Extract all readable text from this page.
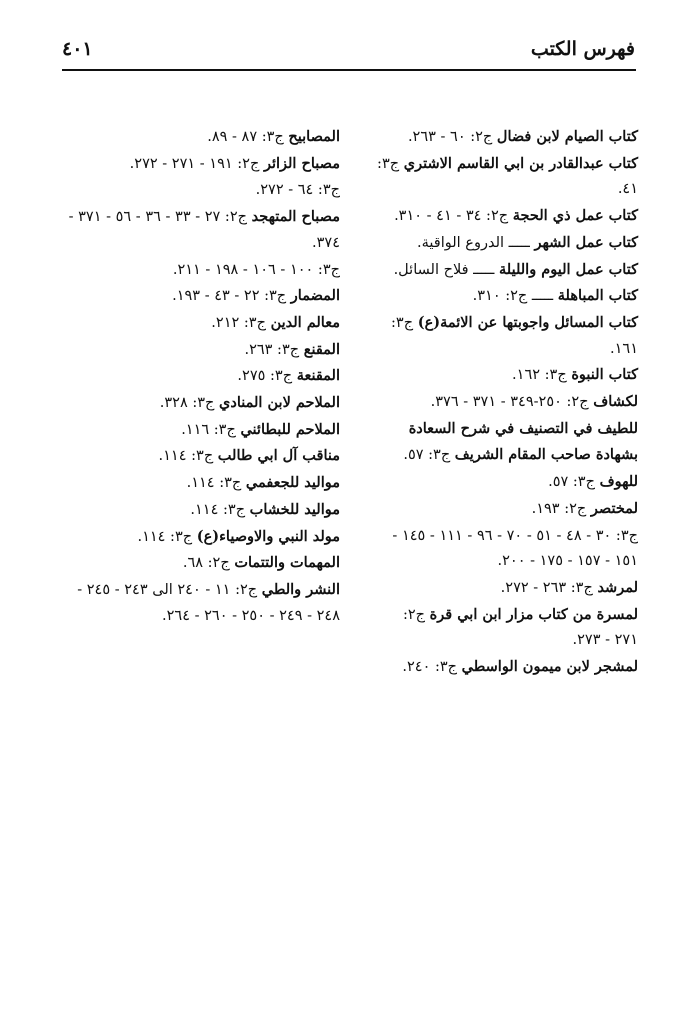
فهرس الكتب
٤٠١

كتاب الصيام لابن فضال ج٢: ٦٠ - ٢٦٣.

كتاب عبدالقادر بن ابي القاسم الاشتري ج٣: ٤١.

كتاب عمل ذي الحجة ج٢: ٣٤ - ٤١ - ٣١٠.

كتاب عمل الشهر ـــــ الدروع الواقية.

كتاب عمل اليوم والليلة ـــــ فلاح السائل.

كتاب المباهلة ـــــ ج٢: ٣١٠.

كتاب المسائل واجوبتها عن الائمة(ع) ج٣: ١٦١.

كتاب النبوة ج٣: ١٦٢.

لكشاف ج٢: ٢٥٠-٣٤٩ - ٣٧١ - ٣٧٦.

للطيف في التصنيف في شرح السعادة بشهادة صاحب المقام الشريف ج٣: ٥٧.

للهوف ج٣: ٥٧.

لمختصر ج٢: ١٩٣.

ج٣: ٣٠ - ٤٨ - ٥١ - ٧٠ - ٩٦ - ١١١ - ١٤٥ - ١٥١ - ١٥٧ - ١٧٥ - ٢٠٠.

لمرشد ج٣: ٢٦٣ - ٢٧٢.

لمسرة من كتاب مزار ابن ابي قرة ج٢: ٢٧١ - ٢٧٣.

لمشجر لابن ميمون الواسطي ج٣: ٢٤٠.

المصابيح ج٣: ٨٧ - ٨٩.

مصباح الزائر ج٢: ١٩١ - ٢٧١ - ٢٧٢.

ج٣: ٦٤ - ٢٧٢.

مصباح المتهجد ج٢: ٢٧ - ٣٣ - ٣٦ - ٥٦ - ٣٧١ - ٣٧٤.

ج٣: ١٠٠ - ١٠٦ - ١٩٨ - ٢١١.

المضمار ج٣: ٢٢ - ٤٣ - ١٩٣.

معالم الدين ج٣: ٢١٢.

المقنع ج٣: ٢٦٣.

المقنعة ج٣: ٢٧٥.

الملاحم لابن المنادي ج٣: ٣٢٨.

الملاحم للبطائني ج٣: ١١٦.

مناقب آل ابي طالب ج٣: ١١٤.

مواليد للجعفمي ج٣: ١١٤.

مواليد للخشاب ج٣: ١١٤.

مولد النبي والاوصياء(ع) ج٣: ١١٤.

المهمات والتتمات ج٢: ٦٨.

النشر والطي ج٢: ١١ - ٢٤٠ الى ٢٤٣ - ٢٤٥ - ٢٤٨ - ٢٤٩ - ٢٥٠ - ٢٦٠ - ٢٦٤.
